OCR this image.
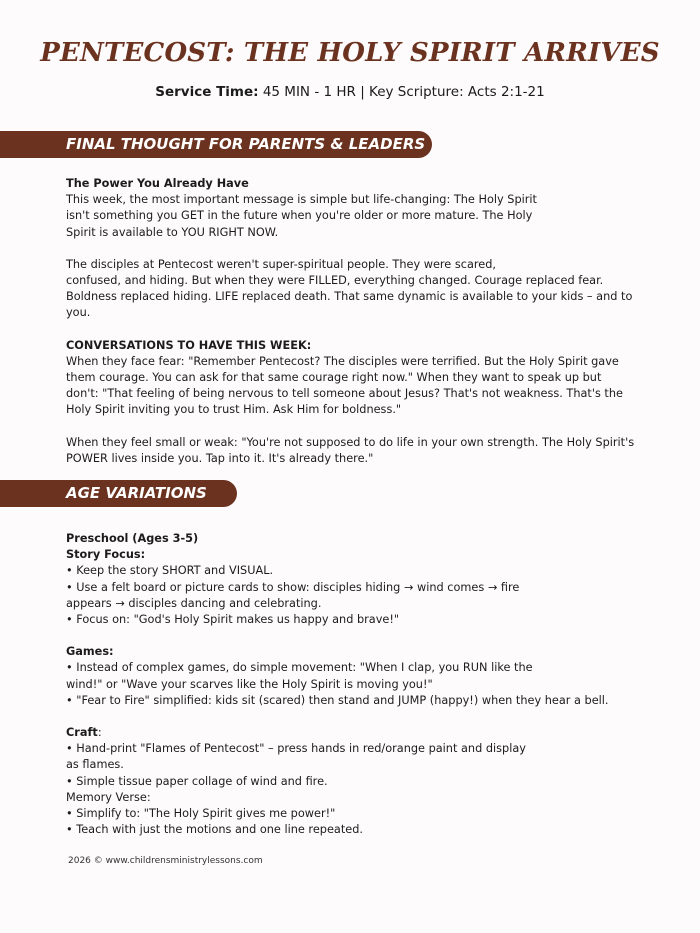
PENTECOST: THE HOLY SPIRIT ARRIVES
Service Time: 45 MIN - 1 HR | Key Scripture: Acts 2:1-21
FINAL THOUGHT FOR PARENTS & LEADERS

The Power You Already Have

This week, the most important message is simple but life-changing: The Holy Spirit

isn't something you GET in the future when you're older or more mature. The Holy

Spirit is available to YOU RIGHT NOW.

The disciples at Pentecost weren't super-spiritual people. They were scared,

confused, and hiding. But when they were FILLED, everything changed. Courage replaced fear.

Boldness replaced hiding. LIFE replaced death. That same dynamic is available to your kids – and to

you.

CONVERSATIONS TO HAVE THIS WEEK:

When they face fear: "Remember Pentecost? The disciples were terrified. But the Holy Spirit gave

them courage. You can ask for that same courage right now." When they want to speak up but

don't: "That feeling of being nervous to tell someone about Jesus? That's not weakness. That's the

Holy Spirit inviting you to trust Him. Ask Him for boldness."

When they feel small or weak: "You're not supposed to do life in your own strength. The Holy Spirit's

POWER lives inside you. Tap into it. It's already there."

AGE VARIATIONS

Preschool (Ages 3-5)

Story Focus:

• Keep the story SHORT and VISUAL.

• Use a felt board or picture cards to show: disciples hiding → wind comes → fire

appears → disciples dancing and celebrating.

• Focus on: "God's Holy Spirit makes us happy and brave!"

Games:

• Instead of complex games, do simple movement: "When I clap, you RUN like the

wind!" or "Wave your scarves like the Holy Spirit is moving you!"

• "Fear to Fire" simplified: kids sit (scared) then stand and JUMP (happy!) when they hear a bell.

Craft:

• Hand-print "Flames of Pentecost" – press hands in red/orange paint and display

as flames.

• Simple tissue paper collage of wind and fire.

Memory Verse:

• Simplify to: "The Holy Spirit gives me power!"

• Teach with just the motions and one line repeated.

2026 © www.childrensministrylessons.com
